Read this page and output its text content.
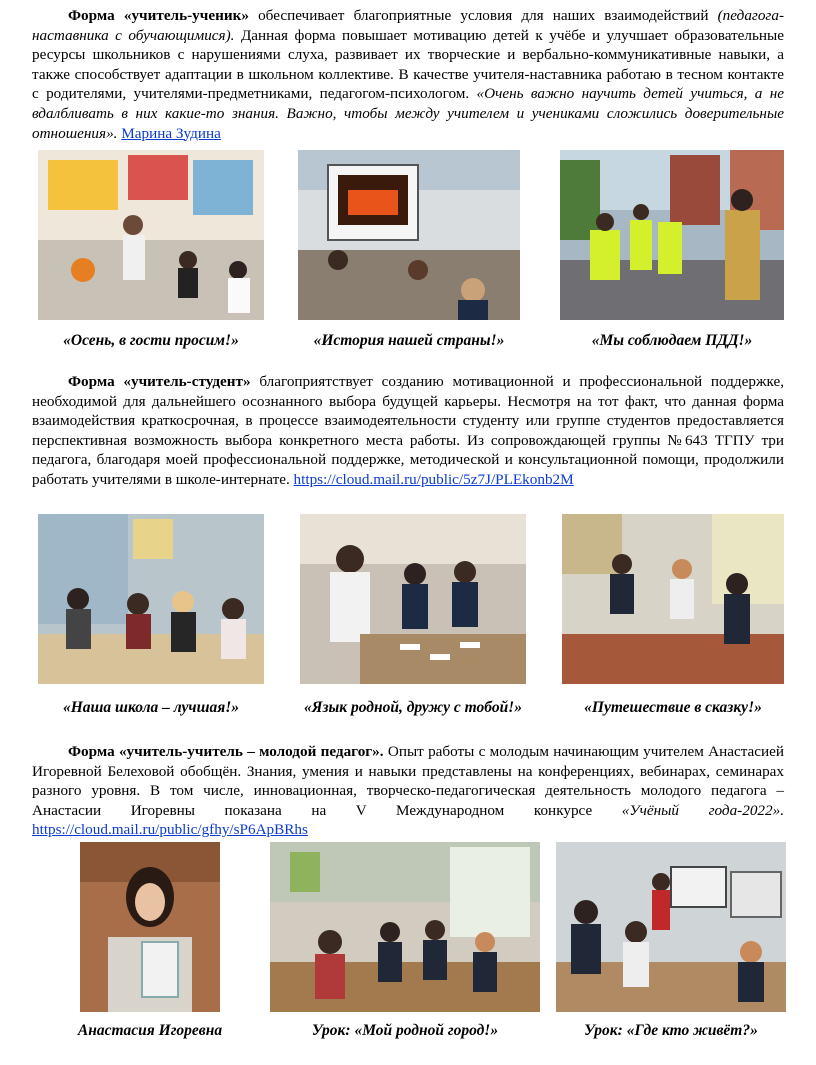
Форма «учитель-ученик» обеспечивает благоприятные условия для наших взаимодействий (педагога-наставника с обучающимися). Данная форма повышает мотивацию детей к учёбе и улучшает образовательные ресурсы школьников с нарушениями слуха, развивает их творческие и вербально-коммуникативные навыки, а также способствует адаптации в школьном коллективе. В качестве учителя-наставника работаю в тесном контакте с родителями, учителями-предметниками, педагогом-психологом. «Очень важно научить детей учиться, а не вдалбливать в них какие-то знания. Важно, чтобы между учителем и учениками сложились доверительные отношения». Марина Зудина
«Осень, в гости просим!»	«История нашей страны!»	«Мы соблюдаем ПДД!»
Форма «учитель-студент» благоприятствует созданию мотивационной и профессиональной поддержке, необходимой для дальнейшего осознанного выбора будущей карьеры. Несмотря на тот факт, что данная форма взаимодействия краткосрочная, в процессе взаимодеятельности студенту или группе студентов предоставляется перспективная возможность выбора конкретного места работы. Из сопровождающей группы №643 ТГПУ три педагога, благодаря моей профессиональной поддержке, методической и консультационной помощи, продолжили работать учителями в школе-интернате. https://cloud.mail.ru/public/5z7J/PLEkonb2M
«Наша школа – лучшая!»	«Язык родной, дружу с тобой!»	«Путешествие в сказку!»
Форма «учитель-учитель – молодой педагог». Опыт работы с молодым начинающим учителем Анастасией Игоревной Белеховой обобщён. Знания, умения и навыки представлены на конференциях, вебинарах, семинарах разного уровня. В том числе, инновационная, творческо-педагогическая деятельность молодого педагога – Анастасии Игоревны показана на V Международном конкурсе «Учёный года-2022». https://cloud.mail.ru/public/gfhy/sP6ApBRhs
Анастасия Игоревна	Урок: «Мой родной город!»	Урок: «Где кто живёт?»
